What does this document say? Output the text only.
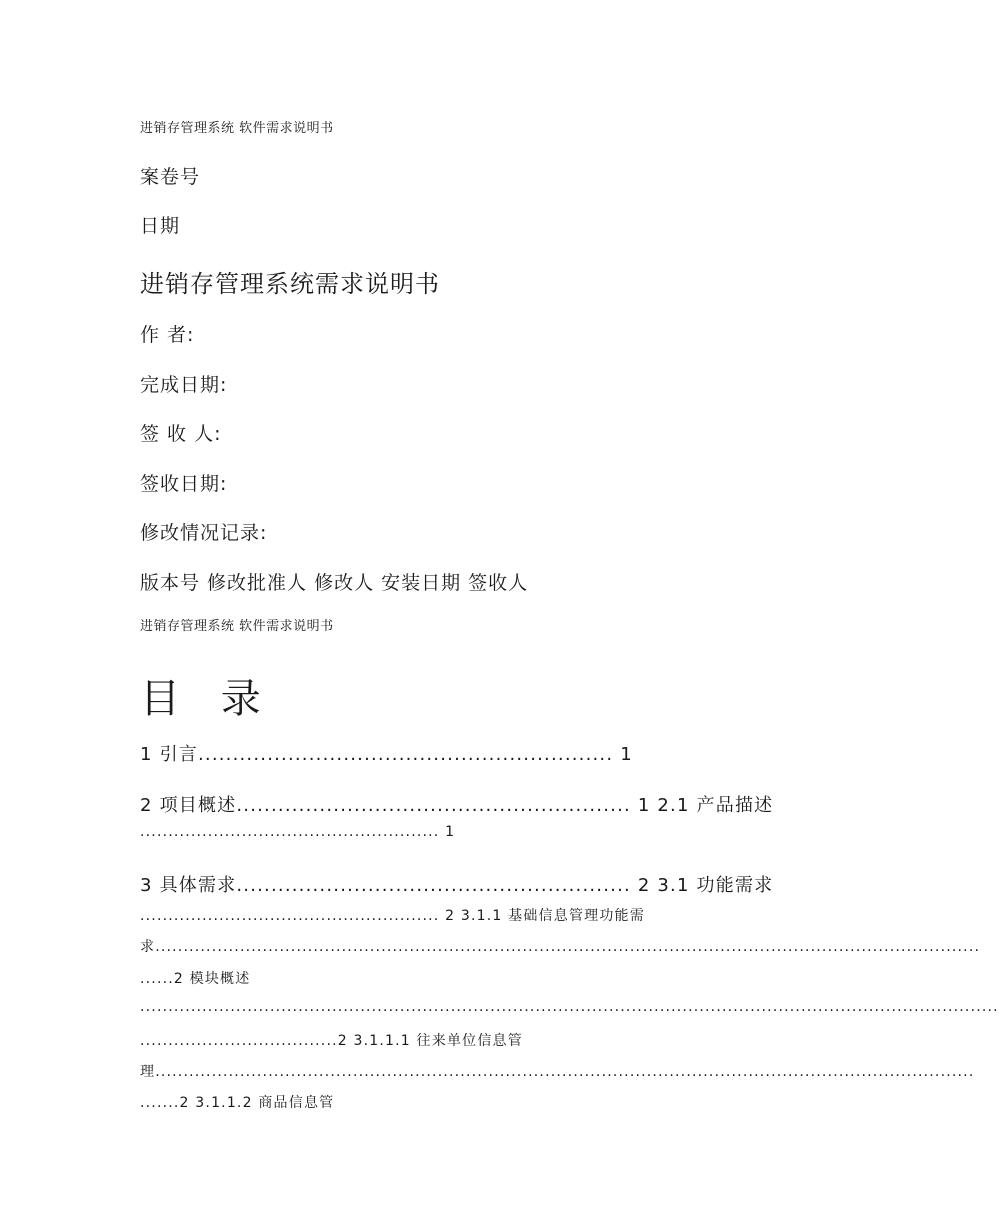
进销存管理系统 软件需求说明书
案卷号
日期
进销存管理系统需求说明书
作 者:
完成日期:
签 收 人:
签收日期:
修改情况记录:
版本号 修改批准人 修改人 安装日期 签收人
进销存管理系统 软件需求说明书
目 录
1 引言............................................................ 1
2 项目概述......................................................... 1 2.1 产品描述
..................................................... 1
3 具体需求......................................................... 2 3.1 功能需求
..................................................... 2 3.1.1 基础信息管理功能需
求..................................................................................................................................................
......2 模块概述
........................................................................................................................................................
...................................2 3.1.1.1 往来单位信息管
理.................................................................................................................................................
.......2 3.1.1.2 商品信息管
